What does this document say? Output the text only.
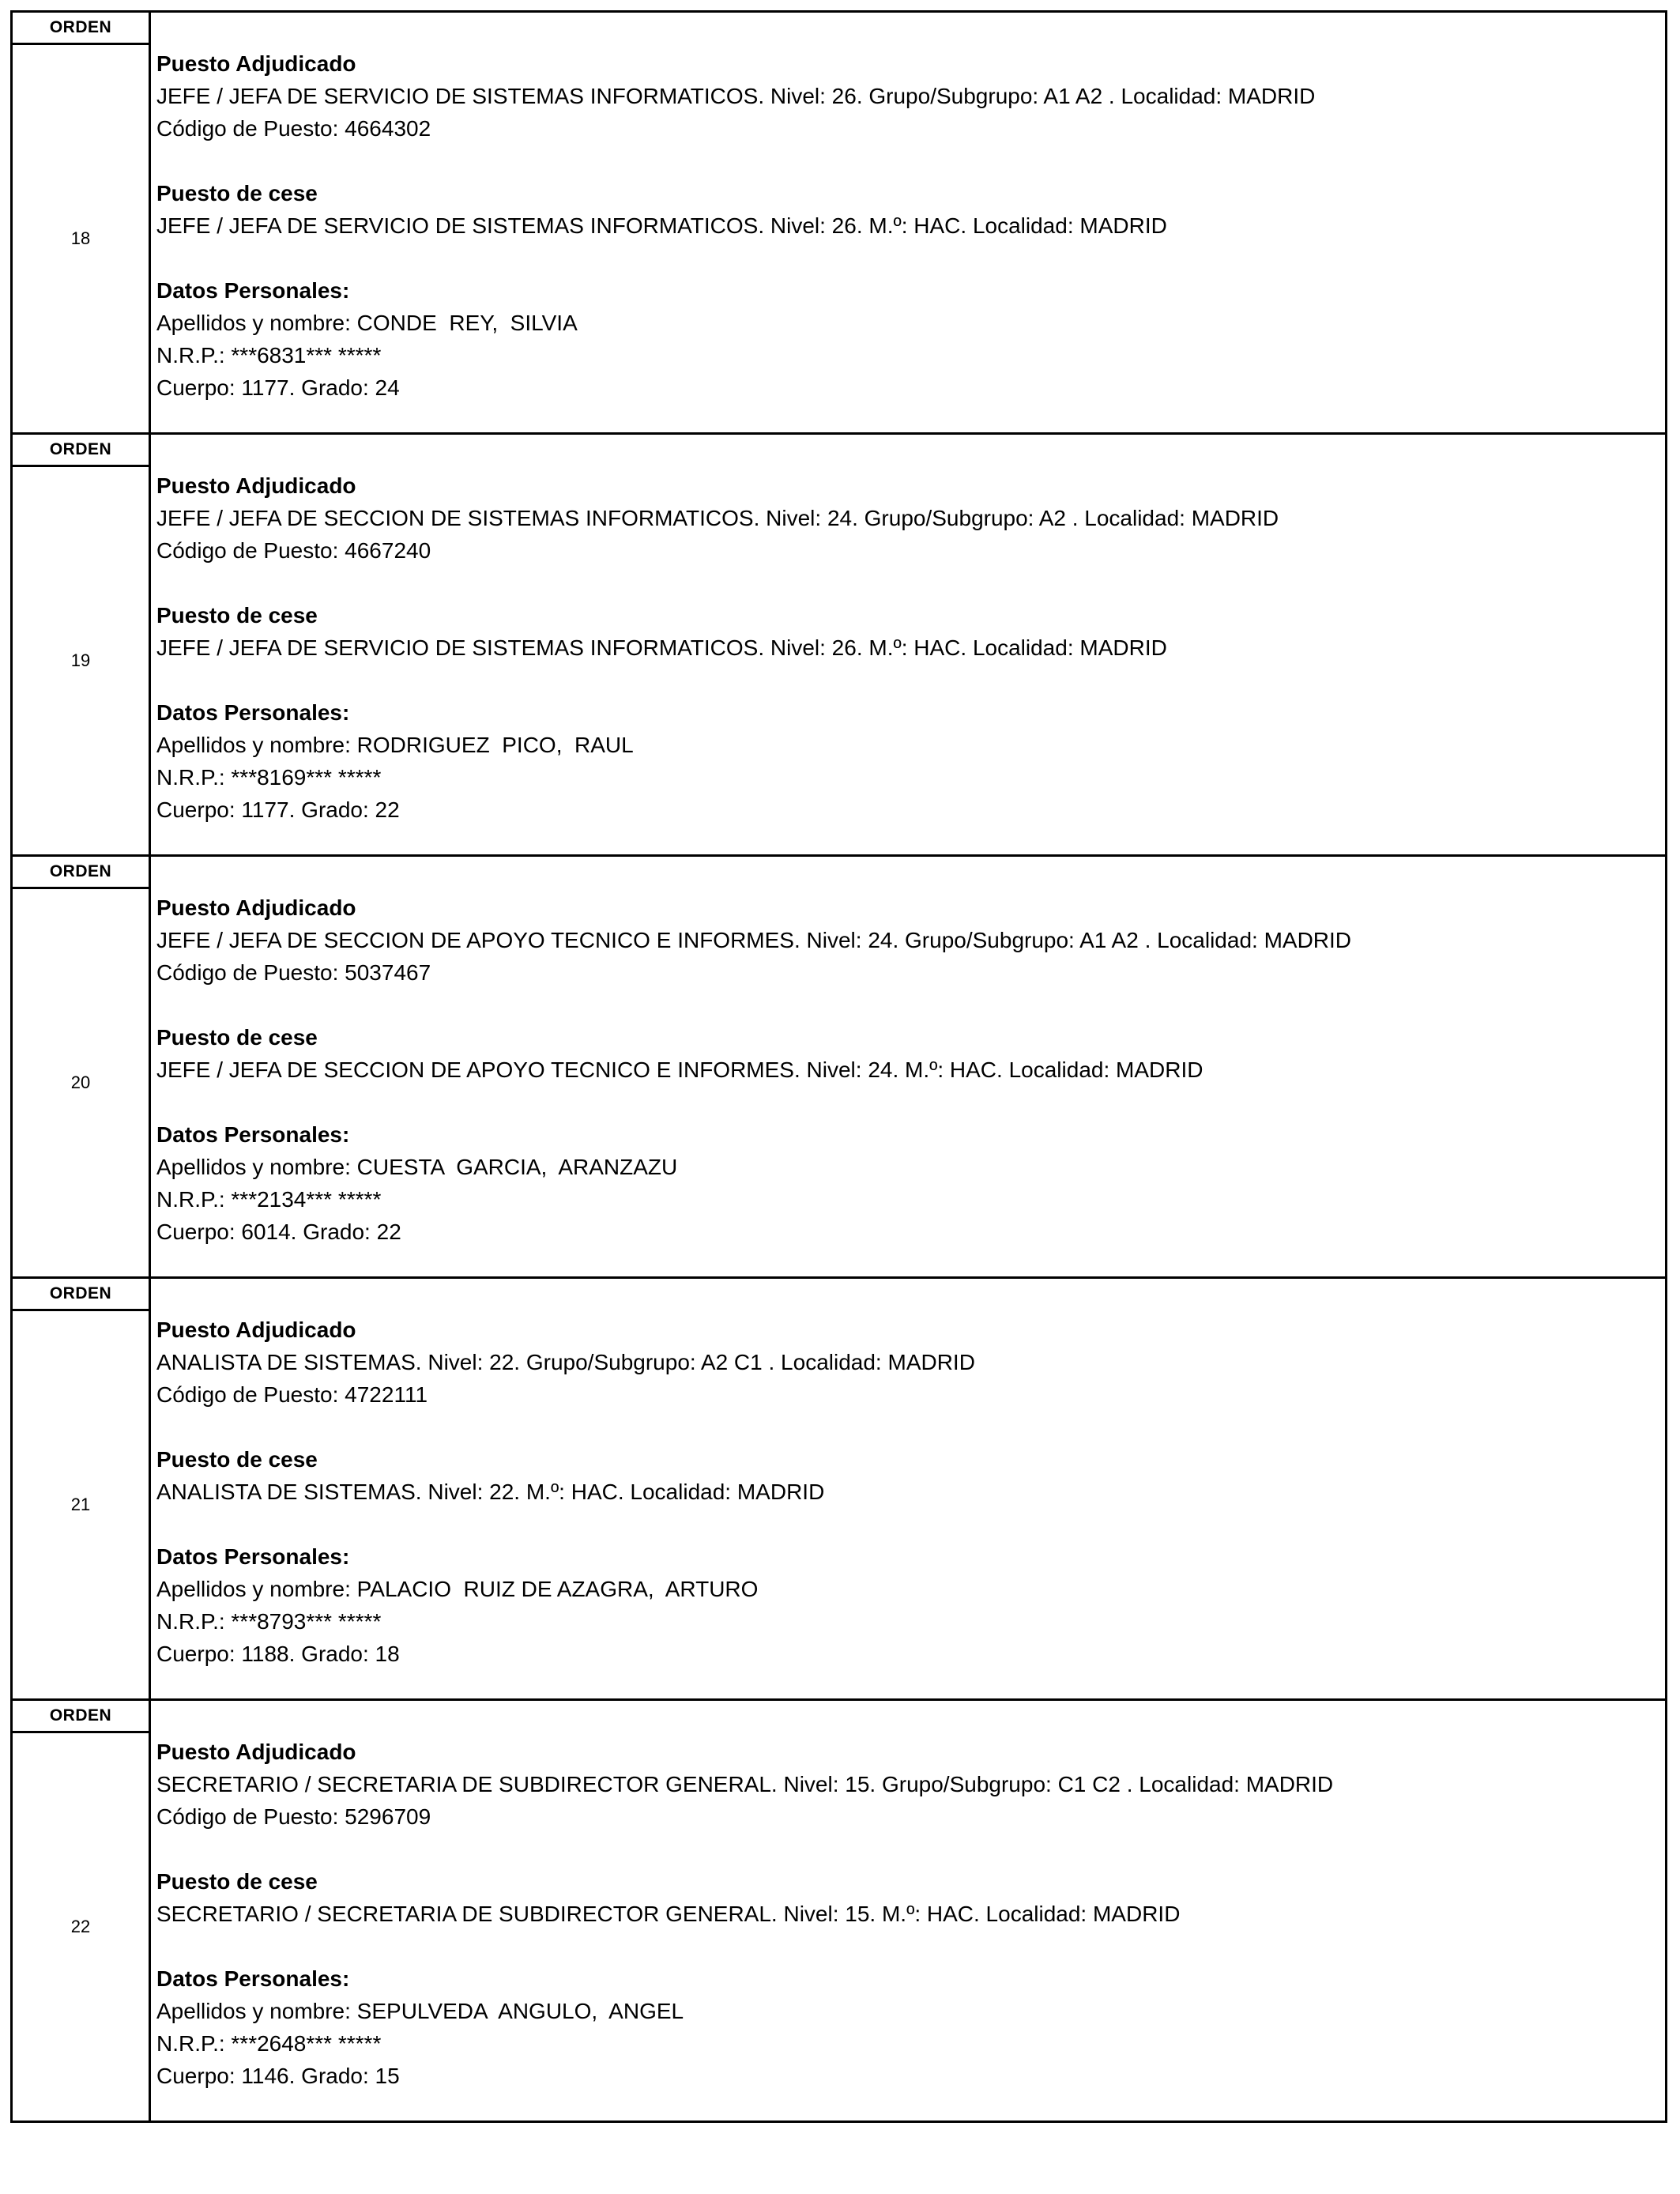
ORDEN
18
Puesto Adjudicado
JEFE / JEFA DE SERVICIO DE SISTEMAS INFORMATICOS. Nivel: 26. Grupo/Subgrupo: A1 A2 . Localidad: MADRID
Código de Puesto: 4664302
Puesto de cese
JEFE / JEFA DE SERVICIO DE SISTEMAS INFORMATICOS. Nivel: 26. M.º: HAC. Localidad: MADRID
Datos Personales:
Apellidos y nombre: CONDE  REY,  SILVIA
N.R.P.: ***6831*** *****
Cuerpo: 1177. Grado: 24
ORDEN
19
Puesto Adjudicado
JEFE / JEFA DE SECCION DE SISTEMAS INFORMATICOS. Nivel: 24. Grupo/Subgrupo: A2 . Localidad: MADRID
Código de Puesto: 4667240
Puesto de cese
JEFE / JEFA DE SERVICIO DE SISTEMAS INFORMATICOS. Nivel: 26. M.º: HAC. Localidad: MADRID
Datos Personales:
Apellidos y nombre: RODRIGUEZ  PICO,  RAUL
N.R.P.: ***8169*** *****
Cuerpo: 1177. Grado: 22
ORDEN
20
Puesto Adjudicado
JEFE / JEFA DE SECCION DE APOYO TECNICO E INFORMES. Nivel: 24. Grupo/Subgrupo: A1 A2 . Localidad: MADRID
Código de Puesto: 5037467
Puesto de cese
JEFE / JEFA DE SECCION DE APOYO TECNICO E INFORMES. Nivel: 24. M.º: HAC. Localidad: MADRID
Datos Personales:
Apellidos y nombre: CUESTA  GARCIA,  ARANZAZU
N.R.P.: ***2134*** *****
Cuerpo: 6014. Grado: 22
ORDEN
21
Puesto Adjudicado
ANALISTA DE SISTEMAS. Nivel: 22. Grupo/Subgrupo: A2 C1 . Localidad: MADRID
Código de Puesto: 4722111
Puesto de cese
ANALISTA DE SISTEMAS. Nivel: 22. M.º: HAC. Localidad: MADRID
Datos Personales:
Apellidos y nombre: PALACIO  RUIZ DE AZAGRA,  ARTURO
N.R.P.: ***8793*** *****
Cuerpo: 1188. Grado: 18
ORDEN
22
Puesto Adjudicado
SECRETARIO / SECRETARIA DE SUBDIRECTOR GENERAL. Nivel: 15. Grupo/Subgrupo: C1 C2 . Localidad: MADRID
Código de Puesto: 5296709
Puesto de cese
SECRETARIO / SECRETARIA DE SUBDIRECTOR GENERAL. Nivel: 15. M.º: HAC. Localidad: MADRID
Datos Personales:
Apellidos y nombre: SEPULVEDA  ANGULO,  ANGEL
N.R.P.: ***2648*** *****
Cuerpo: 1146. Grado: 15
